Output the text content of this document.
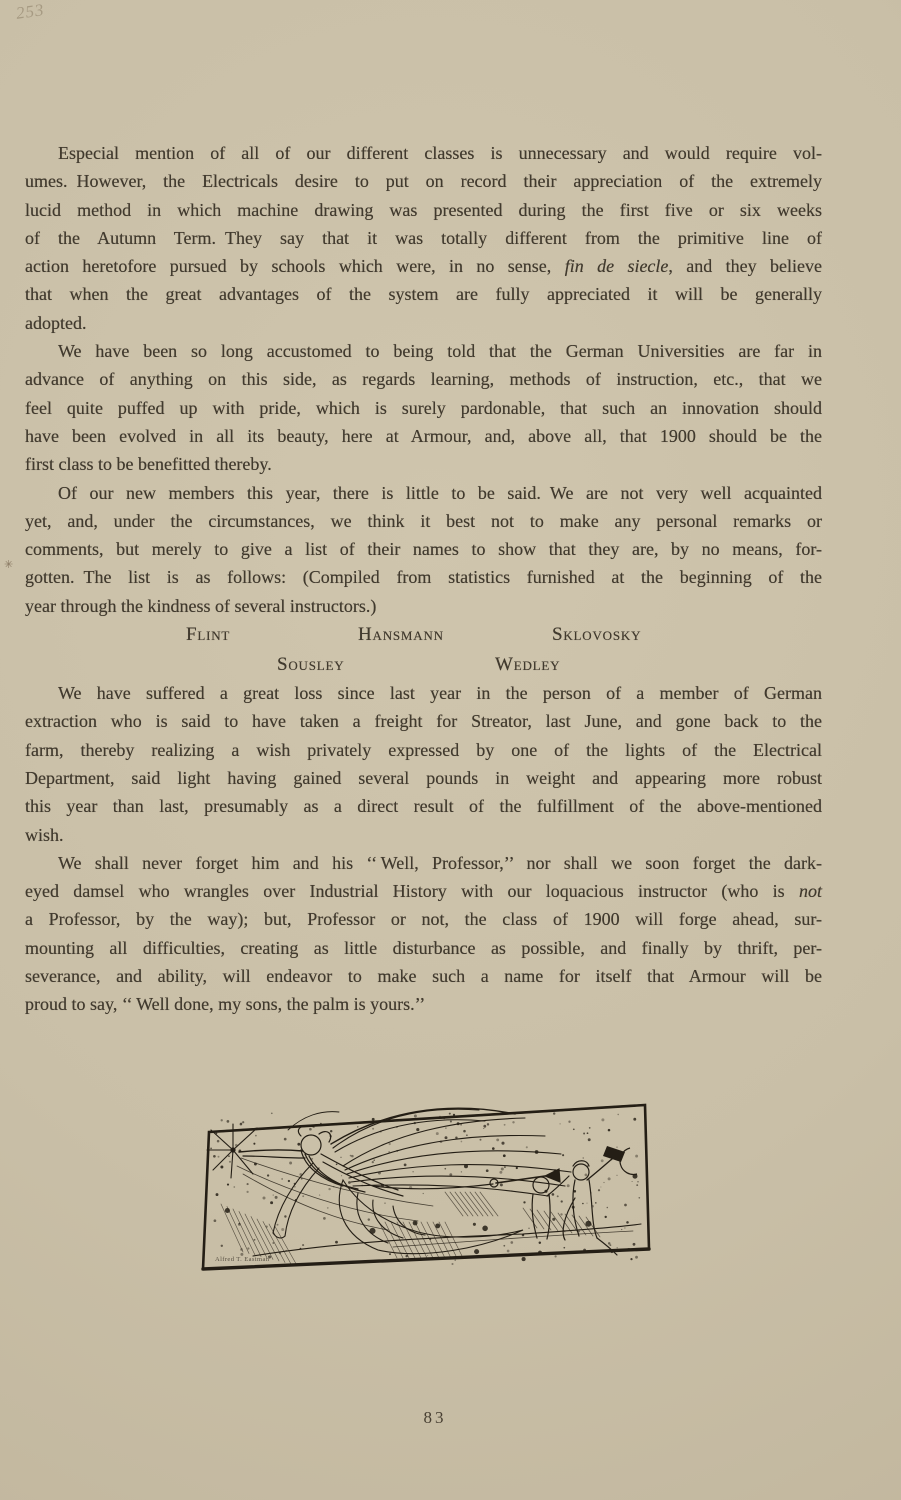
253
✳
Especial mention of all of our different classes is unnecessary and would require vol-
umes. However, the Electricals desire to put on record their appreciation of the extremely
lucid method in which machine drawing was presented during the first five or six weeks
of the Autumn Term. They say that it was totally different from the primitive line of
action heretofore pursued by schools which were, in no sense, fin de siecle, and they believe
that when the great advantages of the system are fully appreciated it will be generally
adopted.
We have been so long accustomed to being told that the German Universities are far in
advance of anything on this side, as regards learning, methods of instruction, etc., that we
feel quite puffed up with pride, which is surely pardonable, that such an innovation should
have been evolved in all its beauty, here at Armour, and, above all, that 1900 should be the
first class to be benefitted thereby.
Of our new members this year, there is little to be said. We are not very well acquainted
yet, and, under the circumstances, we think it best not to make any personal remarks or
comments, but merely to give a list of their names to show that they are, by no means, for-
gotten. The list is as follows: (Compiled from statistics furnished at the beginning of the
year through the kindness of several instructors.)
Flint	Hansmann	Sklovosky
Sousley	Wedley
We have suffered a great loss since last year in the person of a member of German
extraction who is said to have taken a freight for Streator, last June, and gone back to the
farm, thereby realizing a wish privately expressed by one of the lights of the Electrical
Department, said light having gained several pounds in weight and appearing more robust
this year than last, presumably as a direct result of the fulfillment of the above-mentioned
wish.
We shall never forget him and his ‘‘ Well, Professor,’’ nor shall we soon forget the dark-
eyed damsel who wrangles over Industrial History with our loquacious instructor (who is not
a Professor, by the way); but, Professor or not, the class of 1900 will forge ahead, sur-
mounting all difficulties, creating as little disturbance as possible, and finally by thrift, per-
severance, and ability, will endeavor to make such a name for itself that Armour will be
proud to say, ‘‘ Well done, my sons, the palm is yours.’’
Alfred T. Eastman
83
